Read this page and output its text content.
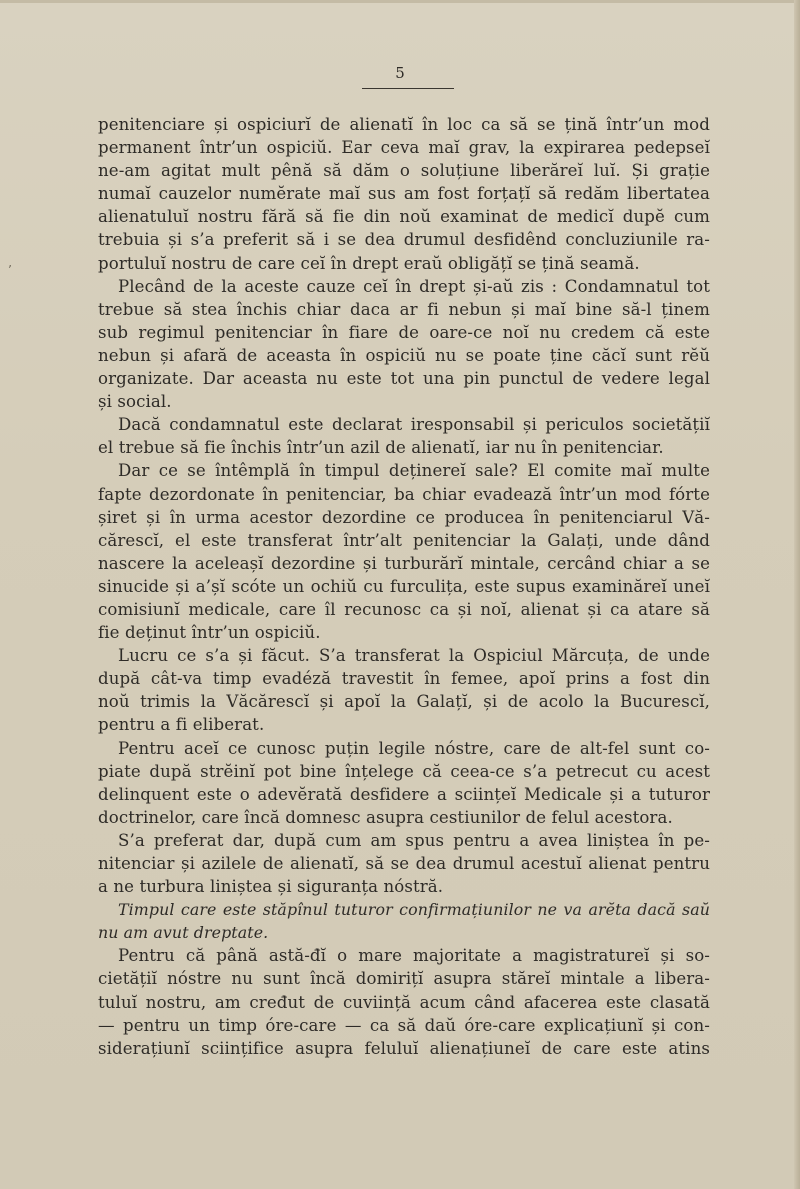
’
5
penitenciare și ospiciurĭ de alienatĭ în loc ca să se țină într’un mod
permanent într’un ospiciŭ. Ear ceva maĭ grav, la expirarea pedepseĭ
ne-am agitat mult pênă să dăm o soluțiune liberăreĭ luĭ. Și grație
numaĭ cauzelor numĕrate maĭ sus am fost forțațĭ să redăm libertatea
alienatuluĭ nostru fără să fie din noŭ examinat de medicĭ dupĕ cum
trebuia și s’a preferit să i se dea drumul desfidênd concluziunile ra-
portuluĭ nostru de care ceĭ în drept eraŭ obligățĭ se țină seamă.
Plecând de la aceste cauze ceĭ în drept și-aŭ zis : Condamnatul tot
trebue să stea închis chiar daca ar fi nebun și maĭ bine să-l ținem
sub regimul penitenciar în fiare de oare-ce noĭ nu credem că este
nebun și afară de aceasta în ospiciŭ nu se poate ține căcĭ sunt rĕŭ
organizate. Dar aceasta nu este tot una pin punctul de vedere legal
și social.
Dacă condamnatul este declarat iresponsabil și periculos societățiĭ
el trebue să fie închis într’un azil de alienatĭ, iar nu în penitenciar.
Dar ce se întêmplă în timpul deținereĭ sale? El comite maĭ multe
fapte dezordonate în penitenciar, ba chiar evadează într’un mod fórte
șiret și în urma acestor dezordine ce producea în penitenciarul Vă-
cărescĭ, el este transferat într’alt penitenciar la Galați, unde dând
nascere la aceleașĭ dezordine și turburărĭ mintale, cercând chiar a se
sinucide și a’șĭ scóte un ochiŭ cu furculița, este supus examinăreĭ uneĭ
comisiunĭ medicale, care îl recunosc ca și noĭ, alienat și ca atare să
fie deținut într’un ospiciŭ.
Lucru ce s’a și făcut. S’a transferat la Ospiciul Mărcuța, de unde
după cât-va timp evadéză travestit în femee, apoĭ prins a fost din
noŭ trimis la Văcărescĭ și apoĭ la Galațĭ, și de acolo la Bucurescĭ,
pentru a fi eliberat.
Pentru aceĭ ce cunosc puțin legile nóstre, care de alt-fel sunt co-
piate după strĕinĭ pot bine înțelege că ceea-ce s’a petrecut cu acest
delinquent este o adevĕrată desfidere a sciințeĭ Medicale și a tuturor
doctrinelor, care încă domnesc asupra cestiunilor de felul acestora.
S’a preferat dar, după cum am spus pentru a avea liniștea în pe-
nitenciar și azilele de alienatĭ, să se dea drumul acestuĭ alienat pentru
a ne turbura liniștea și siguranța nóstră.
Timpul care este stăpînul tuturor confirmațiunilor ne va arĕta dacă saŭ
nu am avut dreptate.
Pentru că până astă-đĭ o mare majoritate a magistratureĭ și so-
cietățiĭ nóstre nu sunt încă domirițĭ asupra stăreĭ mintale a libera-
tuluĭ nostru, am cređut de cuviință acum când afacerea este clasată
— pentru un timp óre-care — ca să daŭ óre-care explicațiunĭ și con-
siderațiunĭ sciințifice asupra feluluĭ alienațiuneĭ de care este atins
